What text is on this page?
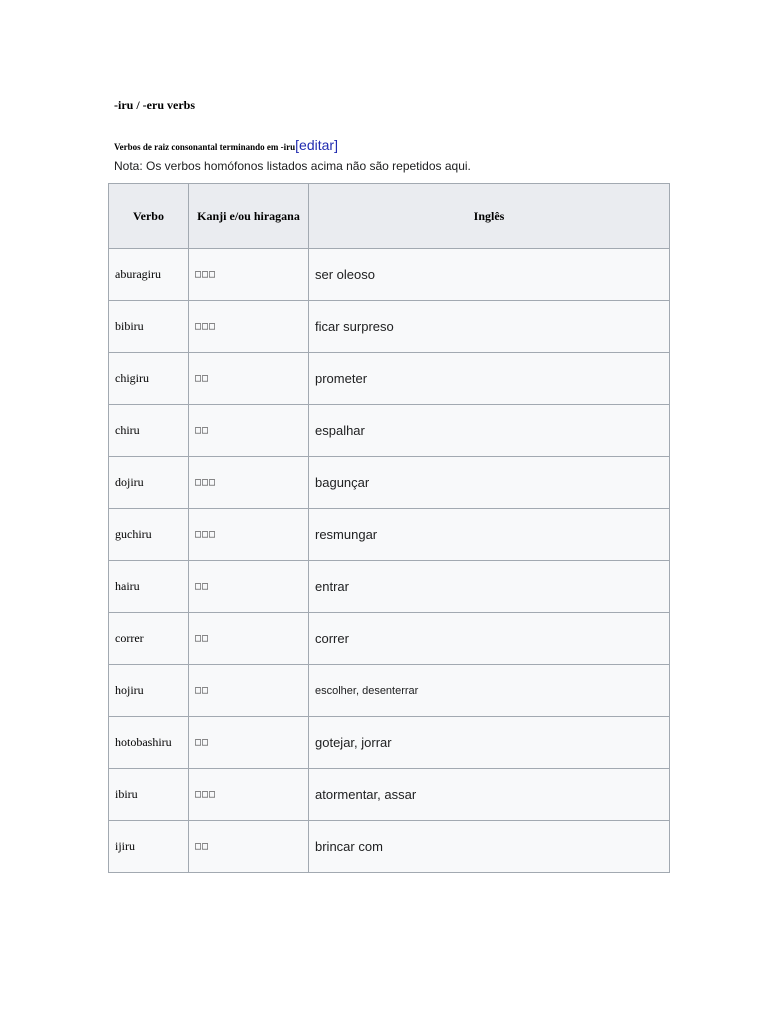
-iru / -eru verbs
Verbos de raiz consonantal terminando em -iru[editar]
Nota: Os verbos homófonos listados acima não são repetidos aqui.
Verbo	Kanji e/ou hiragana	Inglês
aburagiru	□□□	ser oleoso
bibiru	□□□	ficar surpreso
chigiru	□□	prometer
chiru	□□	espalhar
dojiru	□□□	bagunçar
guchiru	□□□	resmungar
hairu	□□	entrar
correr	□□	correr
hojiru	□□	escolher, desenterrar
hotobashiru	□□	gotejar, jorrar
ibiru	□□□	atormentar, assar
ijiru	□□	brincar com
